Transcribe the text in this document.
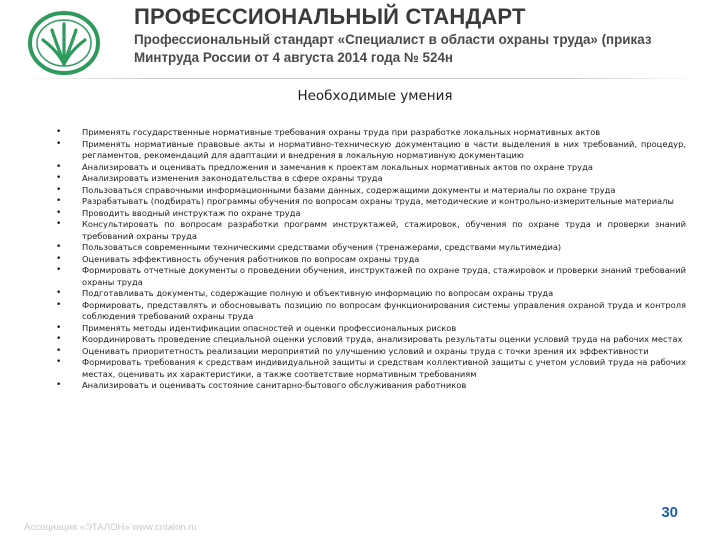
ПРОФЕССИОНАЛЬНЫЙ СТАНДАРТ
Профессиональный стандарт «Специалист в области охраны труда» (приказ Минтруда России от 4 августа 2014 года № 524н
Необходимые умения
• Применять государственные нормативные требования охраны труда при разработке локальных нормативных актов
• Применять нормативные правовые акты и нормативно-техническую документацию в части выделения в них требований, процедур, регламентов, рекомендаций для адаптации и внедрения в локальную нормативную документацию
• Анализировать и оценивать предложения и замечания к проектам локальных нормативных актов по охране труда
• Анализировать изменения законодательства в сфере охраны труда
• Пользоваться справочными информационными базами данных, содержащими документы и материалы по охране труда
• Разрабатывать (подбирать) программы обучения по вопросам охраны труда, методические и контрольно-измерительные материалы
• Проводить вводный инструктаж по охране труда
• Консультировать по вопросам разработки программ инструктажей, стажировок, обучения по охране труда и проверки знаний требований охраны труда
• Пользоваться современными техническими средствами обучения (тренажерами, средствами мультимедиа)
• Оценивать эффективность обучения работников по вопросам охраны труда
• Формировать отчетные документы о проведении обучения, инструктажей по охране труда, стажировок и проверки знаний требований охраны труда
• Подготавливать документы, содержащие полную и объективную информацию по вопросам охраны труда
• Формировать, представлять и обосновывать позицию по вопросам функционирования системы управления охраной труда и контроля соблюдения требований охраны труда
• Применять методы идентификации опасностей и оценки профессиональных рисков
• Координировать проведение специальной оценки условий труда, анализировать результаты оценки условий труда на рабочих местах
• Оценивать приоритетность реализации мероприятий по улучшению условий и охраны труда с точки зрения их эффективности
• Формировать требования к средствам индивидуальной защиты и средствам коллективной защиты с учетом условий труда на рабочих местах, оценивать их характеристики, а также соответствие нормативным требованиям
• Анализировать и оценивать состояние санитарно-бытового обслуживания работников
Ассоциация «ЭТАЛОН» www.cntalon.ru
30
